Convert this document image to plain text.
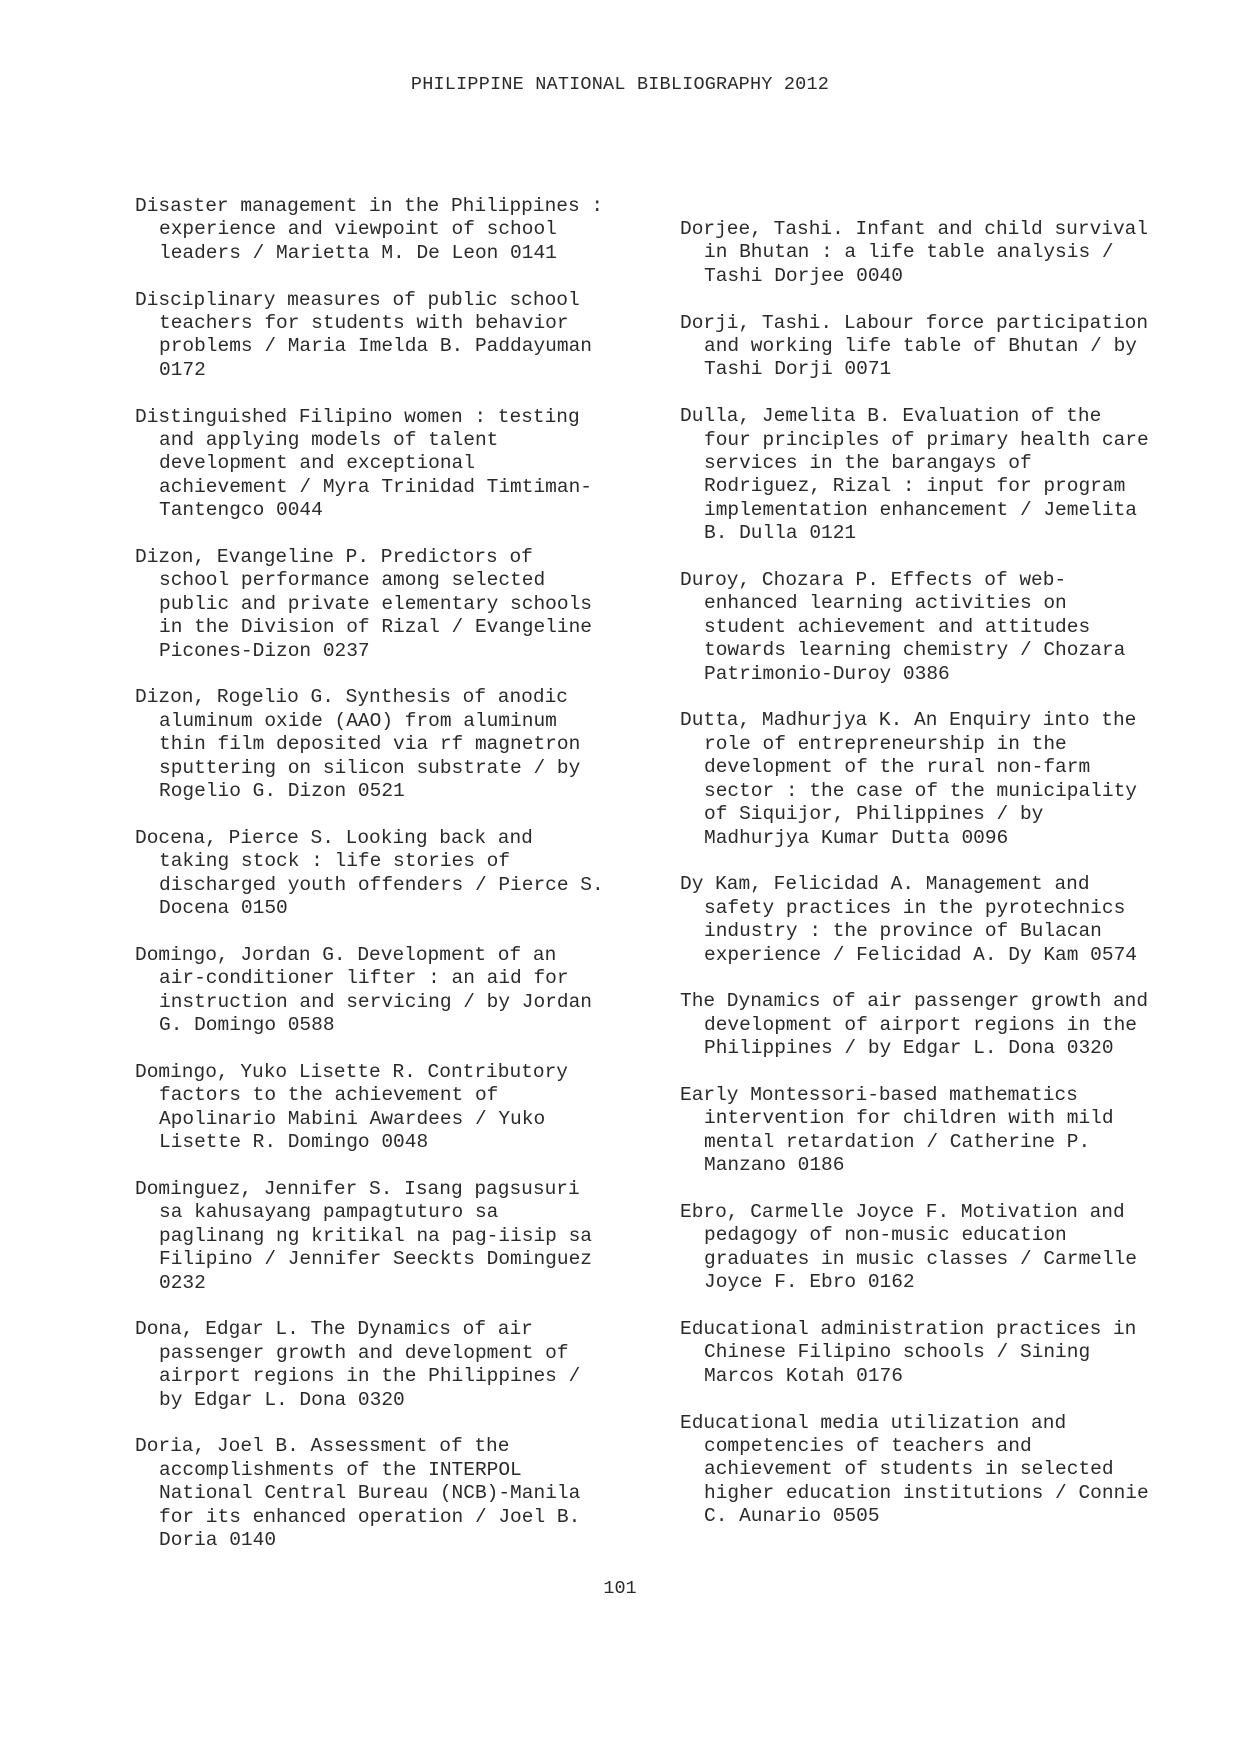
PHILIPPINE NATIONAL BIBLIOGRAPHY 2012

Disaster management in the Philippines :
experience and viewpoint of school
leaders / Marietta M. De Leon 0141

Disciplinary measures of public school
teachers for students with behavior
problems / Maria Imelda B. Paddayuman
0172

Distinguished Filipino women : testing
and applying models of talent
development and exceptional
achievement / Myra Trinidad Timtiman-
Tantengco 0044

Dizon, Evangeline P. Predictors of
school performance among selected
public and private elementary schools
in the Division of Rizal / Evangeline
Picones-Dizon 0237

Dizon, Rogelio G. Synthesis of anodic
aluminum oxide (AAO) from aluminum
thin film deposited via rf magnetron
sputtering on silicon substrate / by
Rogelio G. Dizon 0521

Docena, Pierce S. Looking back and
taking stock : life stories of
discharged youth offenders / Pierce S.
Docena 0150

Domingo, Jordan G. Development of an
air-conditioner lifter : an aid for
instruction and servicing / by Jordan
G. Domingo 0588

Domingo, Yuko Lisette R. Contributory
factors to the achievement of
Apolinario Mabini Awardees / Yuko
Lisette R. Domingo 0048

Dominguez, Jennifer S. Isang pagsusuri
sa kahusayang pampagtuturo sa
paglinang ng kritikal na pag-iisip sa
Filipino / Jennifer Seeckts Dominguez
0232

Dona, Edgar L. The Dynamics of air
passenger growth and development of
airport regions in the Philippines /
by Edgar L. Dona 0320

Doria, Joel B. Assessment of the
accomplishments of the INTERPOL
National Central Bureau (NCB)-Manila
for its enhanced operation / Joel B.
Doria 0140

Dorjee, Tashi. Infant and child survival
in Bhutan : a life table analysis /
Tashi Dorjee 0040

Dorji, Tashi. Labour force participation
and working life table of Bhutan / by
Tashi Dorji 0071

Dulla, Jemelita B. Evaluation of the
four principles of primary health care
services in the barangays of
Rodriguez, Rizal : input for program
implementation enhancement / Jemelita
B. Dulla 0121

Duroy, Chozara P. Effects of web-
enhanced learning activities on
student achievement and attitudes
towards learning chemistry / Chozara
Patrimonio-Duroy 0386

Dutta, Madhurjya K. An Enquiry into the
role of entrepreneurship in the
development of the rural non-farm
sector : the case of the municipality
of Siquijor, Philippines / by
Madhurjya Kumar Dutta 0096

Dy Kam, Felicidad A. Management and
safety practices in the pyrotechnics
industry : the province of Bulacan
experience / Felicidad A. Dy Kam 0574

The Dynamics of air passenger growth and
development of airport regions in the
Philippines / by Edgar L. Dona 0320

Early Montessori-based mathematics
intervention for children with mild
mental retardation / Catherine P.
Manzano 0186

Ebro, Carmelle Joyce F. Motivation and
pedagogy of non-music education
graduates in music classes / Carmelle
Joyce F. Ebro 0162

Educational administration practices in
Chinese Filipino schools / Sining
Marcos Kotah 0176

Educational media utilization and
competencies of teachers and
achievement of students in selected
higher education institutions / Connie
C. Aunario 0505

101
